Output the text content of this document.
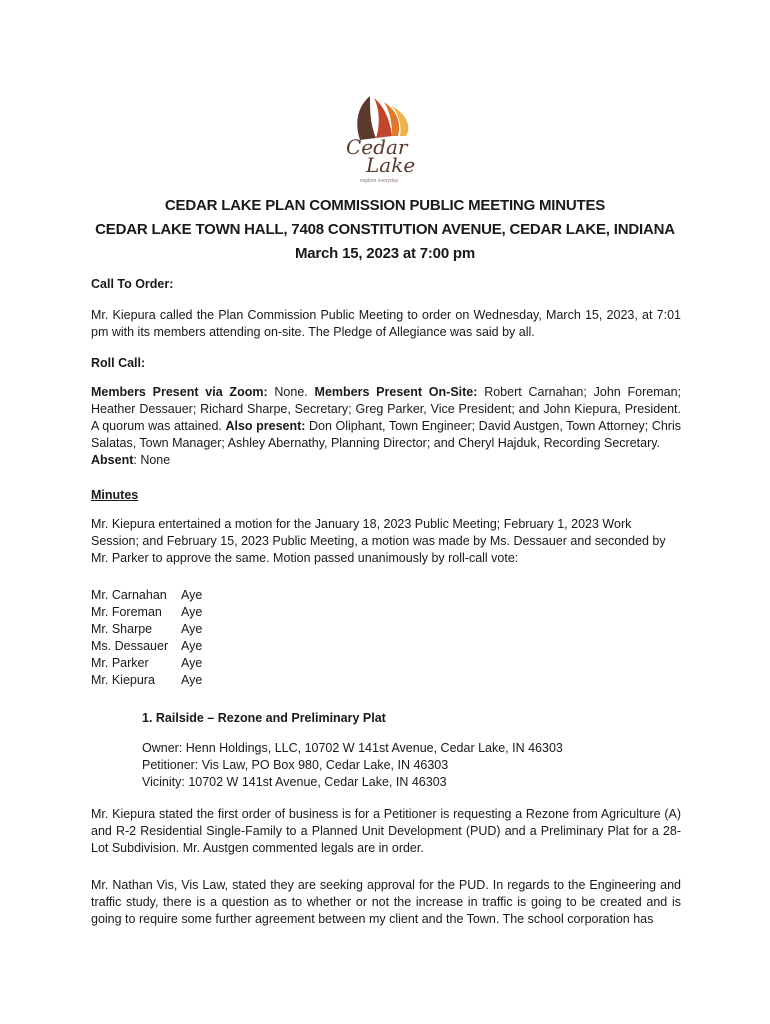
Cedar
Lake
explore everyday
CEDAR LAKE PLAN COMMISSION PUBLIC MEETING MINUTES
CEDAR LAKE TOWN HALL, 7408 CONSTITUTION AVENUE, CEDAR LAKE, INDIANA
March 15, 2023 at 7:00 pm
Call To Order:
Mr. Kiepura called the Plan Commission Public Meeting to order on Wednesday, March 15, 2023, at 7:01 pm with its members attending on-site. The Pledge of Allegiance was said by all.
Roll Call:
Members Present via Zoom: None. Members Present On-Site: Robert Carnahan; John Foreman; Heather Dessauer; Richard Sharpe, Secretary; Greg Parker, Vice President; and John Kiepura, President. A quorum was attained. Also present: Don Oliphant, Town Engineer; David Austgen, Town Attorney; Chris Salatas, Town Manager; Ashley Abernathy, Planning Director; and Cheryl Hajduk, Recording Secretary.
Absent: None
Minutes
Mr. Kiepura entertained a motion for the January 18, 2023 Public Meeting; February 1, 2023 Work Session; and February 15, 2023 Public Meeting, a motion was made by Ms. Dessauer and seconded by Mr. Parker to approve the same. Motion passed unanimously by roll-call vote:
Mr. Carnahan	Aye
Mr. Foreman	Aye
Mr. Sharpe	Aye
Ms. Dessauer	Aye
Mr. Parker	Aye
Mr. Kiepura	Aye
1. Railside – Rezone and Preliminary Plat
Owner: Henn Holdings, LLC, 10702 W 141st Avenue, Cedar Lake, IN 46303
Petitioner: Vis Law, PO Box 980, Cedar Lake, IN 46303
Vicinity: 10702 W 141st Avenue, Cedar Lake, IN 46303
Mr. Kiepura stated the first order of business is for a Petitioner is requesting a Rezone from Agriculture (A) and R-2 Residential Single-Family to a Planned Unit Development (PUD) and a Preliminary Plat for a 28-Lot Subdivision. Mr. Austgen commented legals are in order.
Mr. Nathan Vis, Vis Law, stated they are seeking approval for the PUD. In regards to the Engineering and traffic study, there is a question as to whether or not the increase in traffic is going to be created and is going to require some further agreement between my client and the Town. The school corporation has
